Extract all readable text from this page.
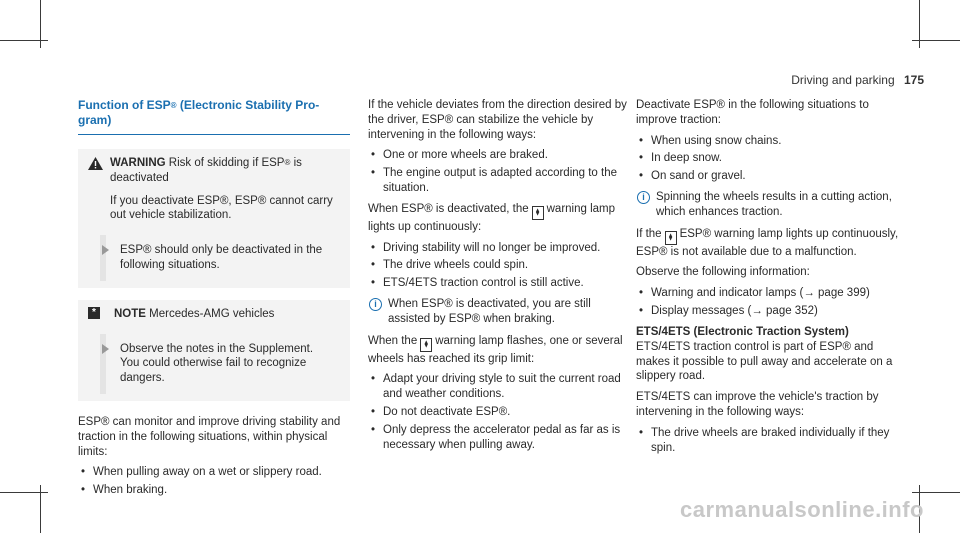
Driving and parking 175
Function of ESP® (Electronic Stability Pro-
gram)

WARNING Risk of skidding if ESP® is deactivated

If you deactivate ESP®, ESP® cannot carry out vehicle stabilization.

ESP® should only be deactivated in the following situations.
*	NOTE Mercedes-AMG vehicles
Observe the notes in the Supplement. You could otherwise fail to recognize dangers.

ESP® can monitor and improve driving stability and traction in the following situations, within physical limits:

• When pulling away on a wet or slippery road.
• When braking.

If the vehicle deviates from the direction desired by the driver, ESP® can stabilize the vehicle by intervening in the following ways:

• One or more wheels are braked.
• The engine output is adapted according to the situation.

When ESP® is deactivated, the ⧫ warning lamp lights up continuously:

• Driving stability will no longer be improved.
• The drive wheels could spin.
• ETS/4ETS traction control is still active.
i When ESP® is deactivated, you are still assisted by ESP® when braking.

When the ⧫ warning lamp flashes, one or several wheels has reached its grip limit:

• Adapt your driving style to suit the current road and weather conditions.
• Do not deactivate ESP®.
• Only depress the accelerator pedal as far as is necessary when pulling away.

Deactivate ESP® in the following situations to improve traction:

• When using snow chains.
• In deep snow.
• On sand or gravel.
i Spinning the wheels results in a cutting action, which enhances traction.

If the ⧫ ESP® warning lamp lights up continuously, ESP® is not available due to a malfunction.

Observe the following information:

• Warning and indicator lamps (→ page 399)
• Display messages (→ page 352)
ETS/4ETS (Electronic Traction System)

ETS/4ETS traction control is part of ESP® and makes it possible to pull away and accelerate on a slippery road.

ETS/4ETS can improve the vehicle's traction by intervening in the following ways:

• The drive wheels are braked individually if they spin.
carmanualsonline.info
